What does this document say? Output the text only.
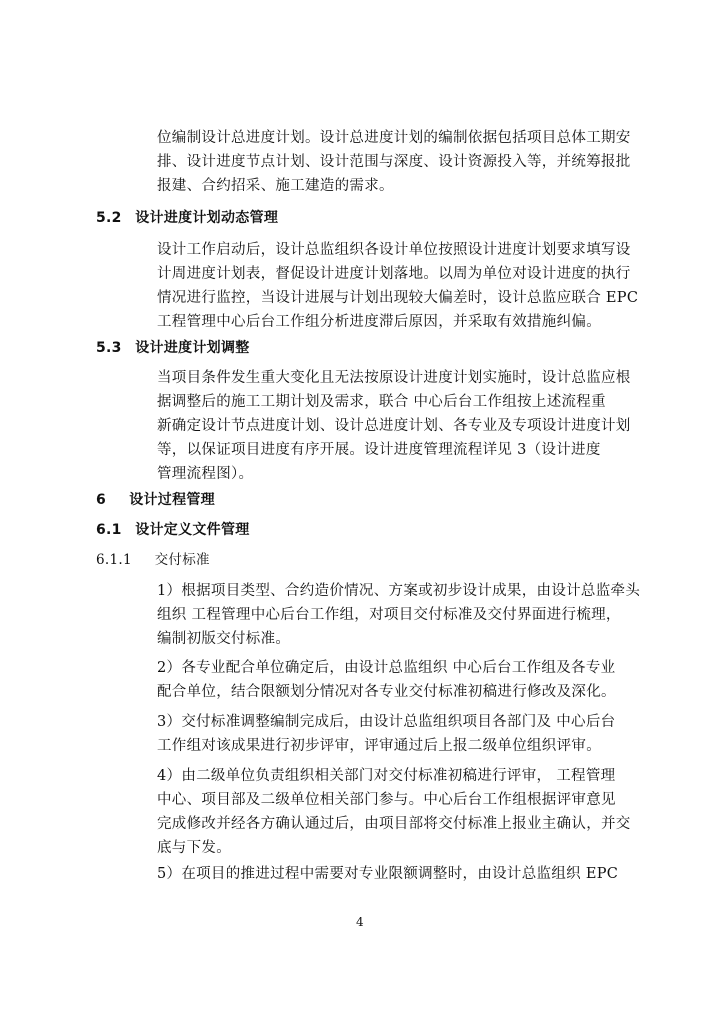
位编制设计总进度计划。设计总进度计划的编制依据包括项目总体工期安
排、设计进度节点计划、设计范围与深度、设计资源投入等，并统筹报批
报建、合约招采、施工建造的需求。
5.2 设计进度计划动态管理
设计工作启动后，设计总监组织各设计单位按照设计进度计划要求填写设
计周进度计划表，督促设计进度计划落地。以周为单位对设计进度的执行
情况进行监控，当设计进展与计划出现较大偏差时，设计总监应联合 EPC
工程管理中心后台工作组分析进度滞后原因，并采取有效措施纠偏。
5.3 设计进度计划调整
当项目条件发生重大变化且无法按原设计进度计划实施时，设计总监应根
据调整后的施工工期计划及需求，联合 中心后台工作组按上述流程重
新确定设计节点进度计划、设计总进度计划、各专业及专项设计进度计划
等，以保证项目进度有序开展。设计进度管理流程详见 3（设计进度
管理流程图）。
6 设计过程管理
6.1 设计定义文件管理
6.1.1 交付标准
1）根据项目类型、合约造价情况、方案或初步设计成果，由设计总监牵头
组织 工程管理中心后台工作组，对项目交付标准及交付界面进行梳理，
编制初版交付标准。
2）各专业配合单位确定后，由设计总监组织 中心后台工作组及各专业
配合单位，结合限额划分情况对各专业交付标准初稿进行修改及深化。
3）交付标准调整编制完成后，由设计总监组织项目各部门及 中心后台
工作组对该成果进行初步评审，评审通过后上报二级单位组织评审。
4）由二级单位负责组织相关部门对交付标准初稿进行评审， 工程管理
中心、项目部及二级单位相关部门参与。中心后台工作组根据评审意见
完成修改并经各方确认通过后，由项目部将交付标准上报业主确认，并交
底与下发。
5）在项目的推进过程中需要对专业限额调整时，由设计总监组织 EPC
4
